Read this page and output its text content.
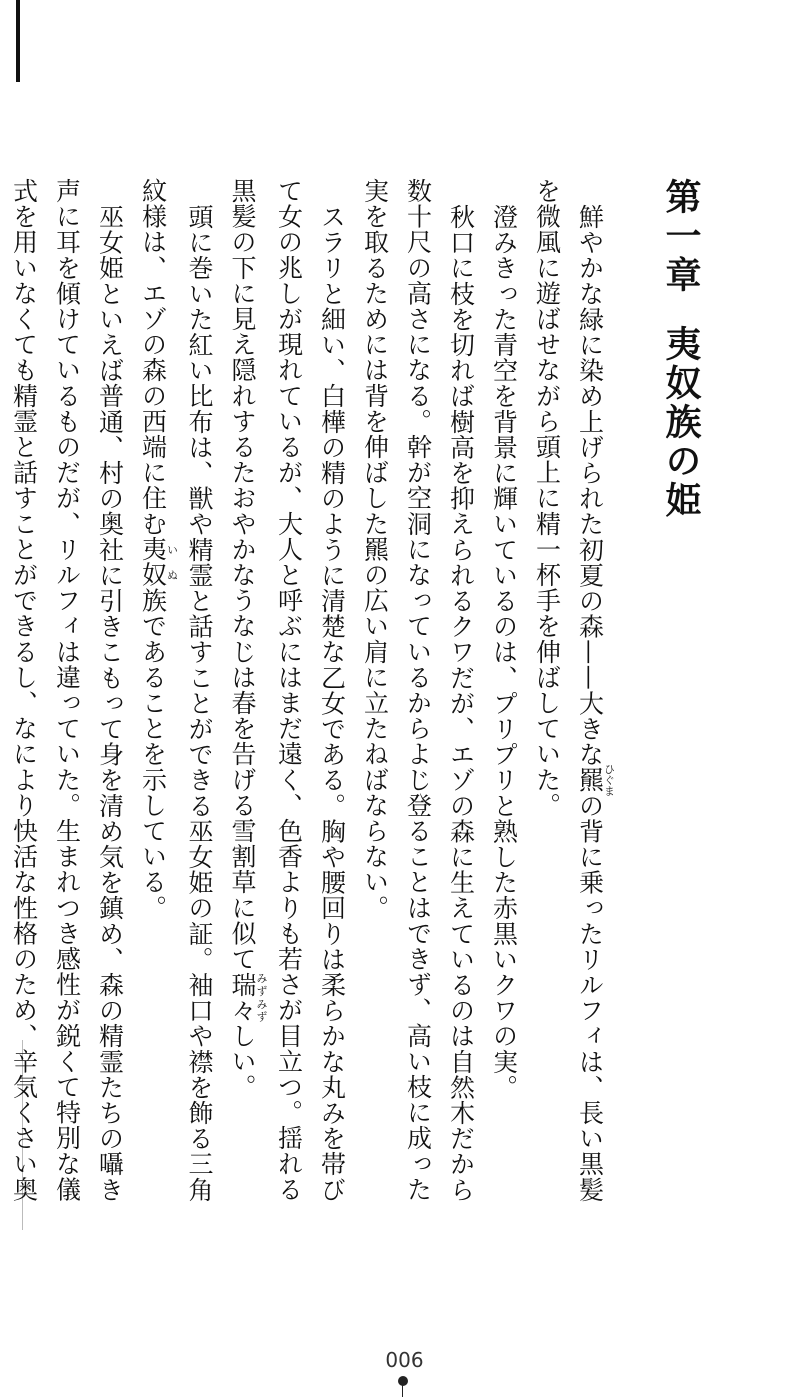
第一章夷奴族の姫
鮮やかな緑に染め上げられた初夏の森——大きな羆ひぐまの背に乗ったリルフィは、長い黒髪
を微風に遊ばせながら頭上に精一杯手を伸ばしていた。
澄みきった青空を背景に輝いているのは、プリプリと熟した赤黒いクワの実。
秋口に枝を切れば樹高を抑えられるクワだが、エゾの森に生えているのは自然木だから
数十尺の高さになる。幹が空洞になっているからよじ登ることはできず、高い枝に成った
実を取るためには背を伸ばした羆の広い肩に立たねばならない。
スラリと細い、白樺の精のように清楚な乙女である。胸や腰回りは柔らかな丸みを帯び
て女の兆しが現れているが、大人と呼ぶにはまだ遠く、色香よりも若さが目立つ。揺れる
黒髪の下に見え隠れするたおやかなうなじは春を告げる雪割草に似て瑞々みずみずしい。
頭に巻いた紅い比布は、獣や精霊と話すことができる巫女姫の証。袖口や襟を飾る三角
紋様は、エゾの森の西端に住む夷奴いぬ族であることを示している。
巫女姫といえば普通、村の奥社に引きこもって身を清め気を鎮め、森の精霊たちの囁き
声に耳を傾けているものだが、リルフィは違っていた。生まれつき感性が鋭くて特別な儀
式を用いなくても精霊と話すことができるし、なにより快活な性格のため、辛気くさい奥
006
